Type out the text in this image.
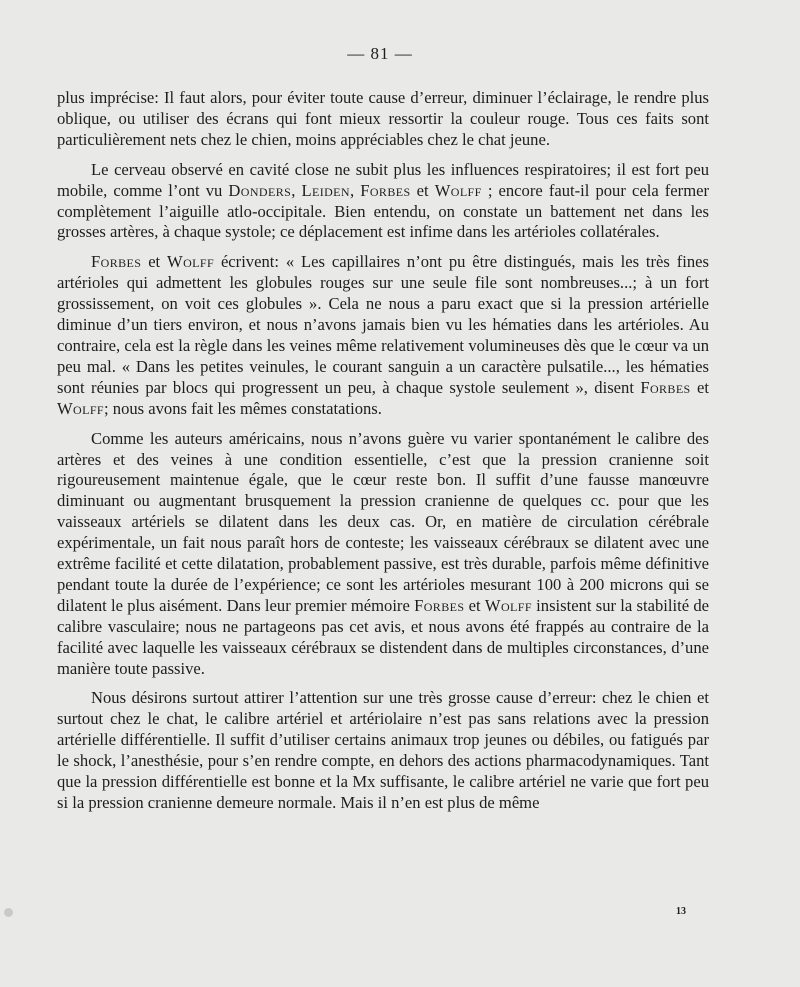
— 81 —

plus imprécise: Il faut alors, pour éviter toute cause d’erreur, diminuer l’éclairage, le rendre plus oblique, ou utiliser des écrans qui font mieux ressortir la couleur rouge. Tous ces faits sont particulièrement nets chez le chien, moins appréciables chez le chat jeune.

Le cerveau observé en cavité close ne subit plus les influences respiratoires; il est fort peu mobile, comme l’ont vu Donders, Leiden, Forbes et Wolff ; encore faut-il pour cela fermer complètement l’aiguille atlo-occipitale. Bien entendu, on constate un battement net dans les grosses artères, à chaque systole; ce déplacement est infime dans les artérioles collatérales.

Forbes et Wolff écrivent: « Les capillaires n’ont pu être distingués, mais les très fines artérioles qui admettent les globules rouges sur une seule file sont nombreuses...; à un fort grossissement, on voit ces globules ». Cela ne nous a paru exact que si la pression artérielle diminue d’un tiers environ, et nous n’avons jamais bien vu les hématies dans les artérioles. Au contraire, cela est la règle dans les veines même relativement volumineuses dès que le cœur va un peu mal. « Dans les petites veinules, le courant sanguin a un caractère pulsatile..., les hématies sont réunies par blocs qui progressent un peu, à chaque systole seulement », disent Forbes et Wolff; nous avons fait les mêmes constatations.

Comme les auteurs américains, nous n’avons guère vu varier spontanément le calibre des artères et des veines à une condition essentielle, c’est que la pression cranienne soit rigoureusement maintenue égale, que le cœur reste bon. Il suffit d’une fausse manœuvre diminuant ou augmentant brusquement la pression cranienne de quelques cc. pour que les vaisseaux artériels se dilatent dans les deux cas. Or, en matière de circulation cérébrale expérimentale, un fait nous paraît hors de conteste; les vaisseaux cérébraux se dilatent avec une extrême facilité et cette dilatation, probablement passive, est très durable, parfois même définitive pendant toute la durée de l’expérience; ce sont les artérioles mesurant 100 à 200 microns qui se dilatent le plus aisément. Dans leur premier mémoire Forbes et Wolff insistent sur la stabilité de calibre vasculaire; nous ne partageons pas cet avis, et nous avons été frappés au contraire de la facilité avec laquelle les vaisseaux cérébraux se distendent dans de multiples circonstances, d’une manière toute passive.

Nous désirons surtout attirer l’attention sur une très grosse cause d’erreur: chez le chien et surtout chez le chat, le calibre artériel et artériolaire n’est pas sans relations avec la pression artérielle différentielle. Il suffit d’utiliser certains animaux trop jeunes ou débiles, ou fatigués par le shock, l’anesthésie, pour s’en rendre compte, en dehors des actions pharmacodynamiques. Tant que la pression différentielle est bonne et la Mx suffisante, le calibre artériel ne varie que fort peu si la pression cranienne demeure normale. Mais il n’en est plus de même

13
